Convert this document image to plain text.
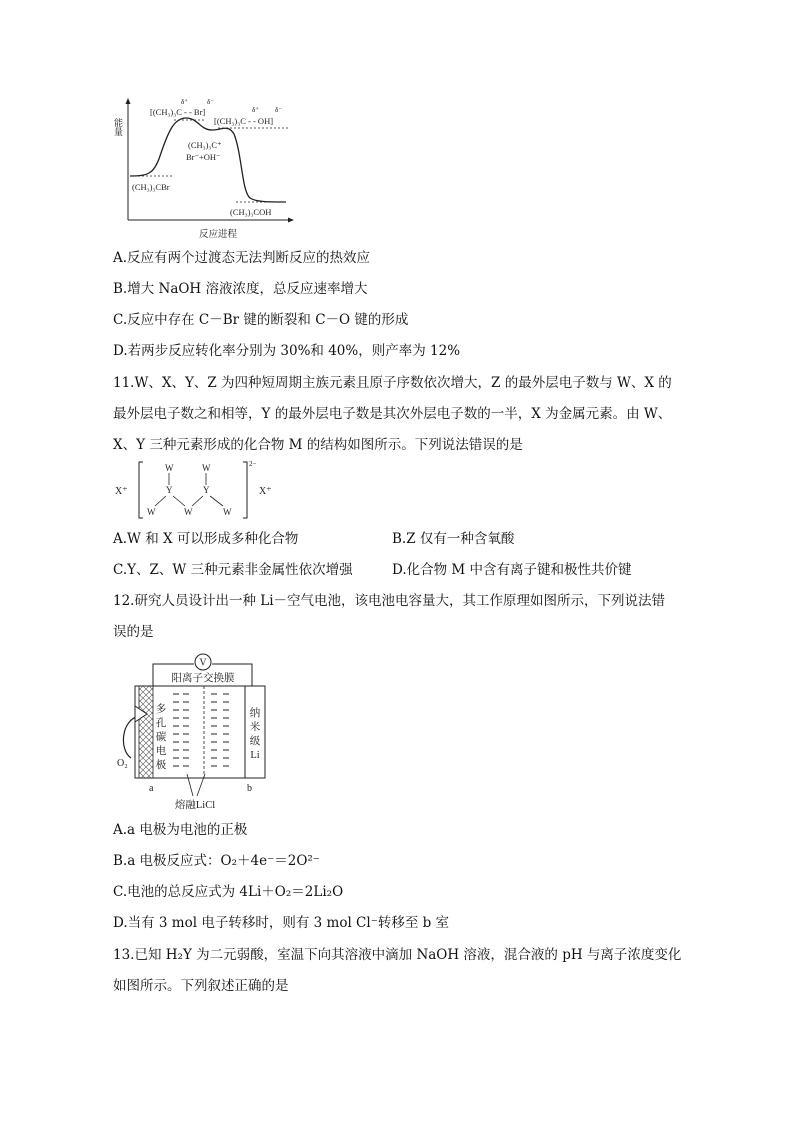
能量
反应进程
δ⁺	δ⁻
[(CH₃)₃C - - Br]	δ⁺ δ⁻
[(CH₃)₃C - - OH]
(CH₃)₃C⁺
Br⁻+OH⁻
(CH₃)₃CBr
(CH₃)₃COH
A.反应有两个过渡态无法判断反应的热效应
B.增大 NaOH 溶液浓度，总反应速率增大
C.反应中存在 C－Br 键的断裂和 C－O 键的形成
D.若两步反应转化率分别为 30%和 40%，则产率为 12%
11.W、X、Y、Z 为四种短周期主族元素且原子序数依次增大，Z 的最外层电子数与 W、X 的
最外层电子数之和相等，Y 的最外层电子数是其次外层电子数的一半，X 为金属元素。由 W、
X、Y 三种元素形成的化合物 M 的结构如图所示。下列说法错误的是
X⁺
2−
X⁺
W	W
Y	Y
W	W	W
A.W 和 X 可以形成多种化合物	B.Z 仅有一种含氧酸
C.Y、Z、W 三种元素非金属性依次增强	D.化合物 M 中含有离子键和极性共价键
12.研究人员设计出一种 Li－空气电池，该电池电容量大，其工作原理如图所示，下列说法错
误的是
V
阳离子交换膜
多
孔
碳
电
极
纳
米
级
Li
O₂
a	b
熔融LiCl
A.a 电极为电池的正极
B.a 电极反应式：O₂＋4e⁻＝2O²⁻
C.电池的总反应式为 4Li＋O₂＝2Li₂O
D.当有 3 mol 电子转移时，则有 3 mol Cl⁻转移至 b 室
13.已知 H₂Y 为二元弱酸，室温下向其溶液中滴加 NaOH 溶液，混合液的 pH 与离子浓度变化
如图所示。下列叙述正确的是
